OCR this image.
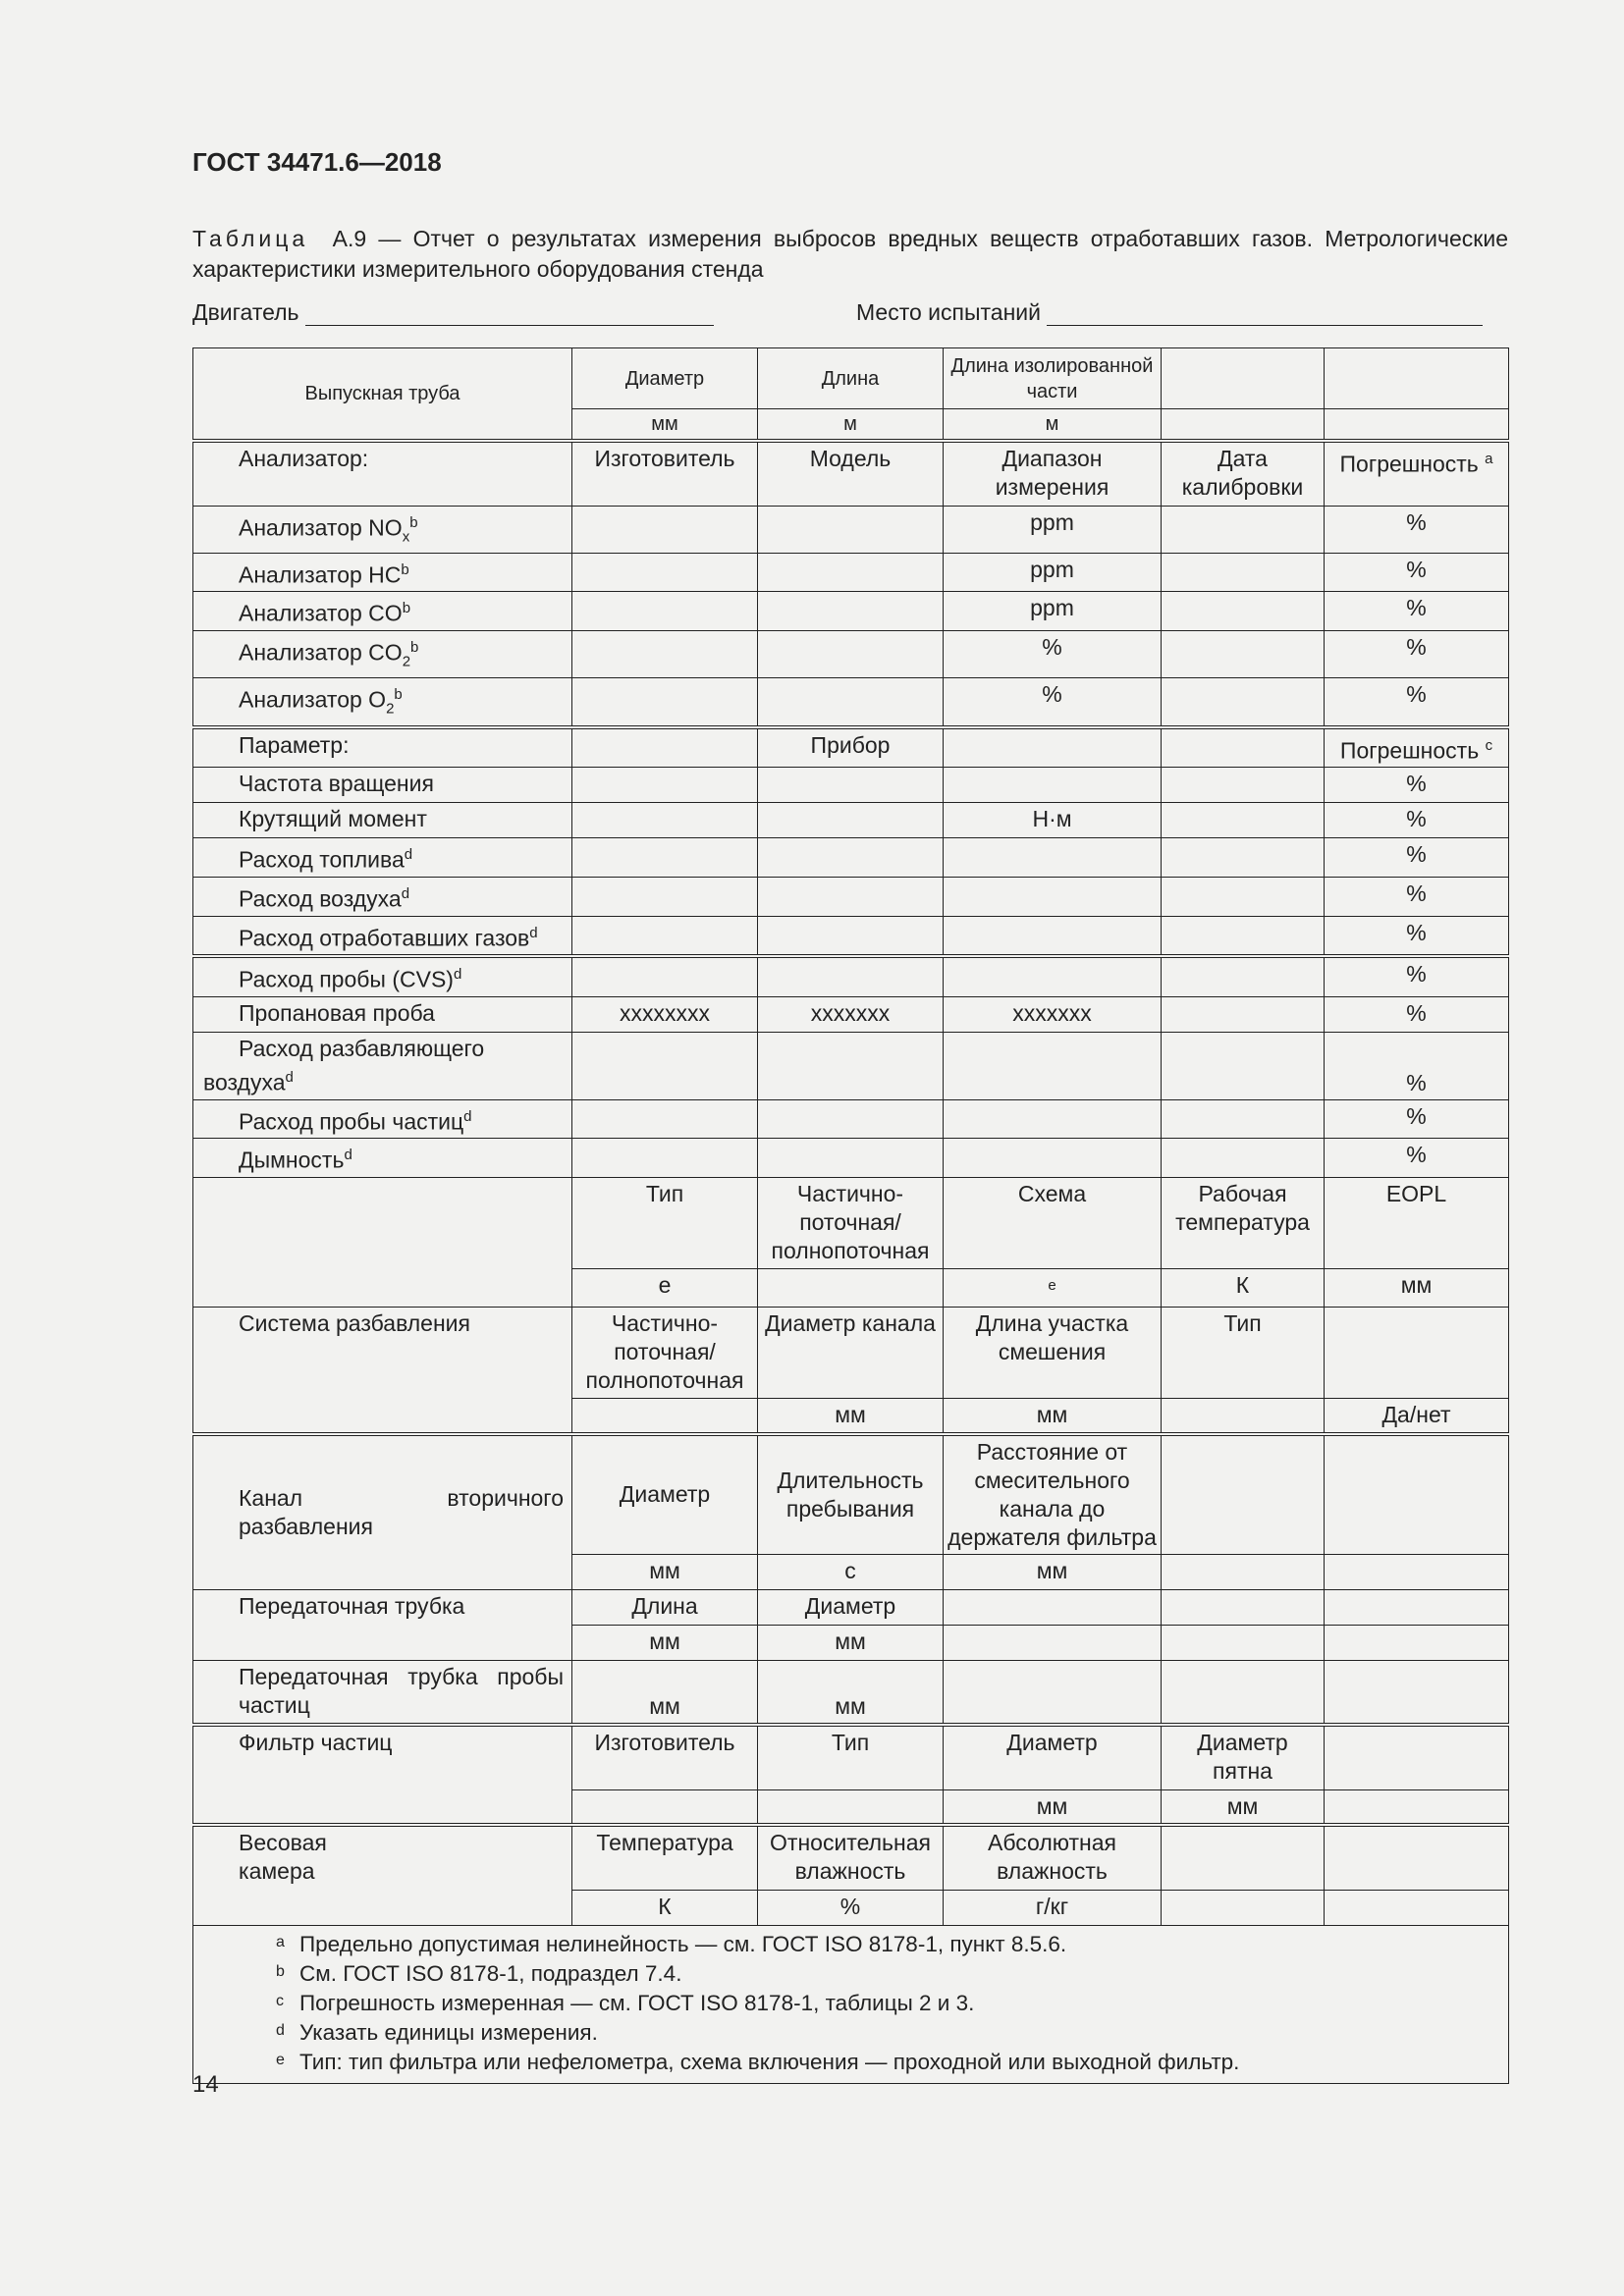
ГОСТ 34471.6—2018
Таблица А.9 — Отчет о результатах измерения выбросов вредных веществ отработавших газов. Метрологические характеристики измерительного оборудования стенда
Двигатель	Место испытаний
Выпускная труба	Диаметр	Длина	Длина изолированной части		
	мм	м	м		
Анализатор:	Изготовитель	Модель	Диапазон измерения	Дата калибровки	Погрешность $^a$
Анализатор $NO_x^b$			ppm		%
Анализатор $HC^b$			ppm		%
Анализатор $CO^b$			ppm		%
Анализатор $CO_2^b$			%		%
Анализатор $O_2^b$			%		%
Параметр:		Прибор			Погрешность $^c$
Частота вращения					%
Крутящий момент			Н·м		%
Расход топлива$^d$					%
Расход воздуха$^d$					%
Расход отработавших газов$^d$					%
Расход пробы (CVS)$^d$					%
Пропановая проба	хххххххх	ххххххх	ххххххх		%
Расход разбавляющего
воздуха$^d$					%
Расход пробы частиц$^d$					%
Дымность$^d$					%
	Тип	Частично-поточная/ полнопоточная	Схема	Рабочая температура	EOPL
	е		$^е$	К	мм
Система разбавления	Частично-поточная/ полнопоточная	Диаметр канала	Длина участка смешения	Тип	
		мм	мм		Да/нет
Канал вторичного разбавления	Диаметр	Длительность пребывания	Расстояние от смесительного канала до держателя фильтра		
	мм	с	мм		
Передаточная трубка	Длина	Диаметр			
	мм	мм			
Передаточная трубка пробы частиц	мм	мм			
Фильтр частиц	Изготовитель	Тип	Диаметр	Диаметр пятна	
			мм	мм	
Весовая камера	Температура	Относительная влажность	Абсолютная влажность		
	К	%	г/кг		

a Предельно допустимая нелинейность — см. ГОСТ ISO 8178-1, пункт 8.5.6.
b См. ГОСТ ISO 8178-1, подраздел 7.4.
c Погрешность измеренная — см. ГОСТ ISO 8178-1, таблицы 2 и 3.
d Указать единицы измерения.
e Тип: тип фильтра или нефелометра, схема включения — проходной или выходной фильтр.					
14
